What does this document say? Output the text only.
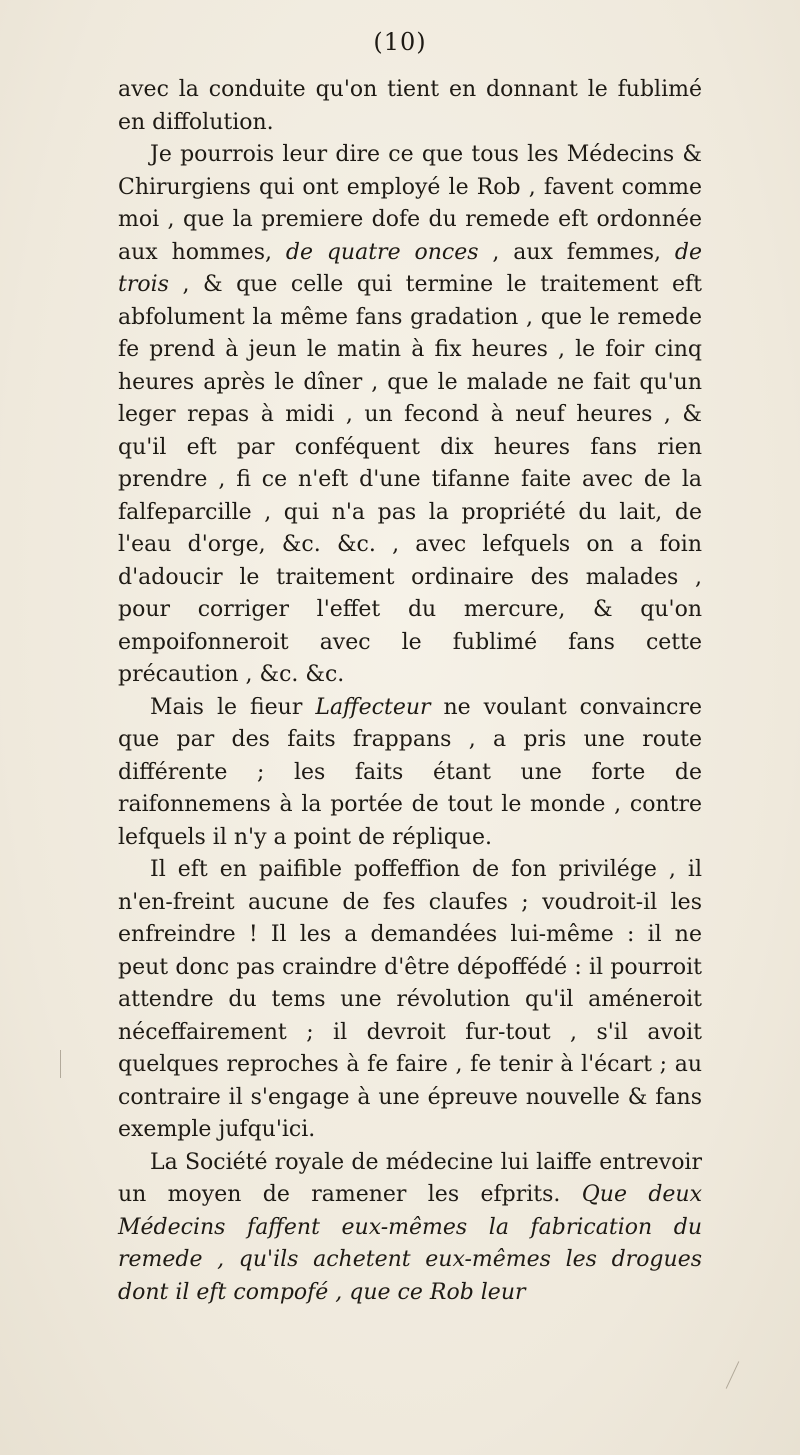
(10)

avec la conduite qu'on tient en donnant le fublimé en diffolution.

Je pourrois leur dire ce que tous les Médecins & Chirurgiens qui ont employé le Rob , favent comme moi , que la premiere dofe du remede eft ordonnée aux hommes, de quatre onces , aux femmes, de trois , & que celle qui termine le traitement eft abfolument la même fans gradation , que le remede fe prend à jeun le matin à fix heures , le foir cinq heures après le dîner , que le malade ne fait qu'un leger repas à midi , un fecond à neuf heures , & qu'il eft par conféquent dix heures fans rien prendre , fi ce n'eft d'une tifanne faite avec de la falfeparcille , qui n'a pas la propriété du lait, de l'eau d'orge, &c. &c. , avec lefquels on a foin d'adoucir le traitement ordinaire des malades , pour corriger l'effet du mercure, & qu'on empoifonneroit avec le fublimé fans cette précaution , &c. &c.

Mais le fieur Laffecteur ne voulant convaincre que par des faits frappans , a pris une route différente ; les faits étant une forte de raifonnemens à la portée de tout le monde , contre lefquels il n'y a point de réplique.

Il eft en paifible poffeffion de fon privilége , il n'en-freint aucune de fes claufes ; voudroit-il les enfreindre ! Il les a demandées lui-même : il ne peut donc pas craindre d'être dépoffédé : il pourroit attendre du tems une révolution qu'il améneroit néceffairement ; il devroit fur-tout , s'il avoit quelques reproches à fe faire , fe tenir à l'écart ; au contraire il s'engage à une épreuve nouvelle & fans exemple jufqu'ici.

La Société royale de médecine lui laiffe entrevoir un moyen de ramener les efprits. Que deux Médecins faffent eux-mêmes la fabrication du remede , qu'ils achetent eux-mêmes les drogues dont il eft compofé , que ce Rob leur
